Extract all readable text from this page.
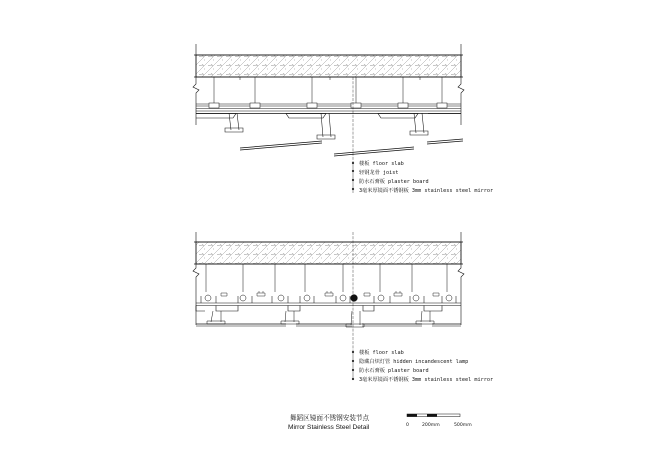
楼板 floor slab
轻钢龙骨 joist
防水石膏板 plaster board
3毫米厚镜面不锈钢板 3mm stainless steel mirror
楼板 floor slab
隐藏白炽灯管 hidden incandescent lamp
防水石膏板 plaster board
3毫米厚镜面不锈钢板 3mm stainless steel mirror
舞蹈区镜面不锈钢安装节点
Mirror Stainless Steel Detail	0	200mm	500mm
